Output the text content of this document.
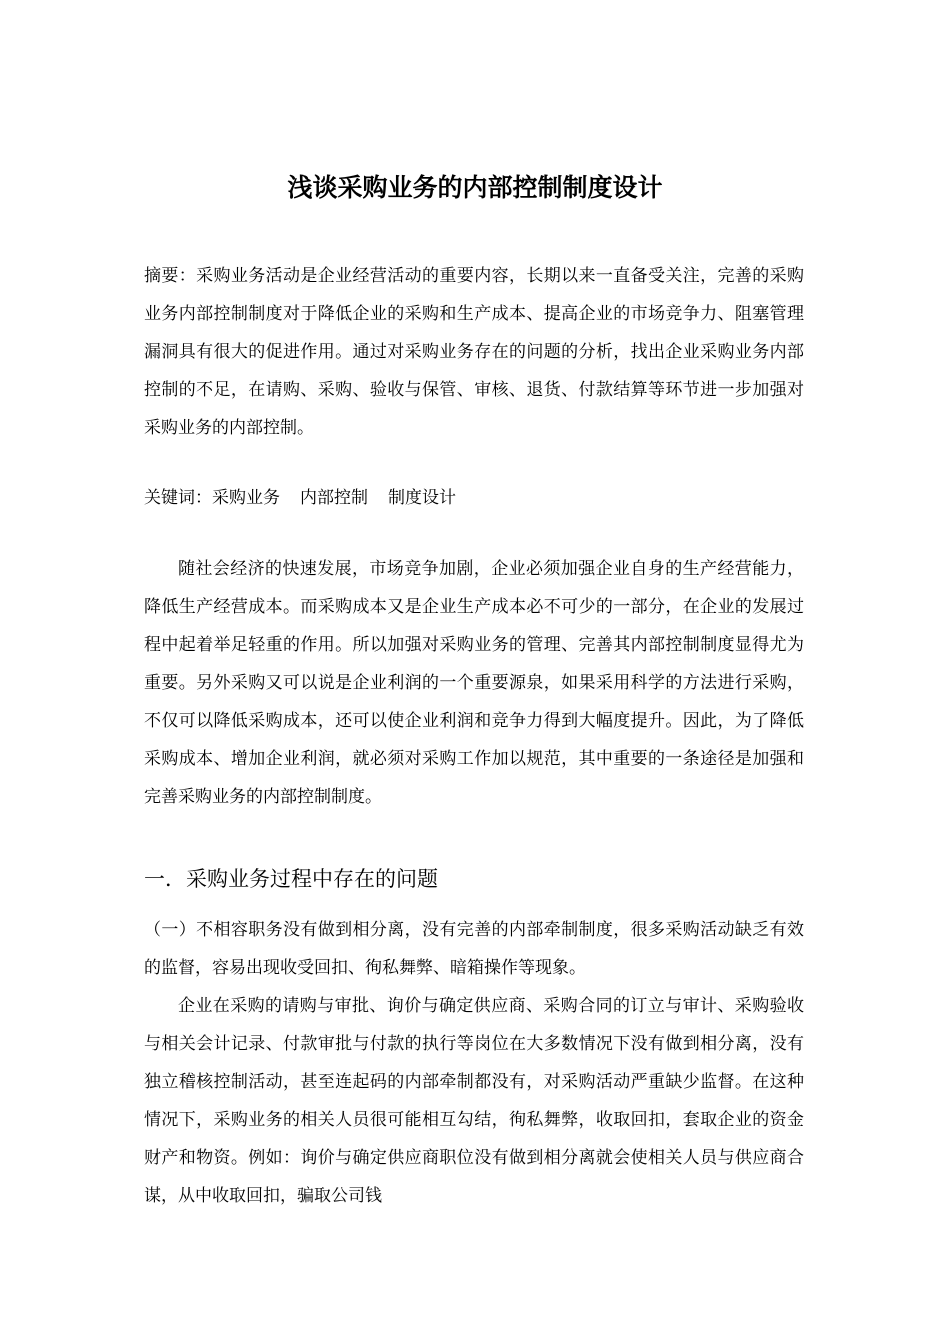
浅谈采购业务的内部控制制度设计
摘要：采购业务活动是企业经营活动的重要内容，长期以来一直备受关注，完善的采购业务内部控制制度对于降低企业的采购和生产成本、提高企业的市场竞争力、阻塞管理漏洞具有很大的促进作用。通过对采购业务存在的问题的分析，找出企业采购业务内部控制的不足，在请购、采购、验收与保管、审核、退货、付款结算等环节进一步加强对采购业务的内部控制。
关键词：采购业务 内部控制 制度设计
随社会经济的快速发展，市场竞争加剧，企业必须加强企业自身的生产经营能力，降低生产经营成本。而采购成本又是企业生产成本必不可少的一部分，在企业的发展过程中起着举足轻重的作用。所以加强对采购业务的管理、完善其内部控制制度显得尤为重要。另外采购又可以说是企业利润的一个重要源泉，如果采用科学的方法进行采购，不仅可以降低采购成本，还可以使企业利润和竞争力得到大幅度提升。因此，为了降低采购成本、增加企业利润，就必须对采购工作加以规范，其中重要的一条途径是加强和完善采购业务的内部控制制度。
一．采购业务过程中存在的问题
（一）不相容职务没有做到相分离，没有完善的内部牵制制度，很多采购活动缺乏有效的监督，容易出现收受回扣、徇私舞弊、暗箱操作等现象。
企业在采购的请购与审批、询价与确定供应商、采购合同的订立与审计、采购验收与相关会计记录、付款审批与付款的执行等岗位在大多数情况下没有做到相分离，没有独立稽核控制活动，甚至连起码的内部牵制都没有，对采购活动严重缺少监督。在这种情况下，采购业务的相关人员很可能相互勾结，徇私舞弊，收取回扣，套取企业的资金财产和物资。例如：询价与确定供应商职位没有做到相分离就会使相关人员与供应商合谋，从中收取回扣，骗取公司钱
